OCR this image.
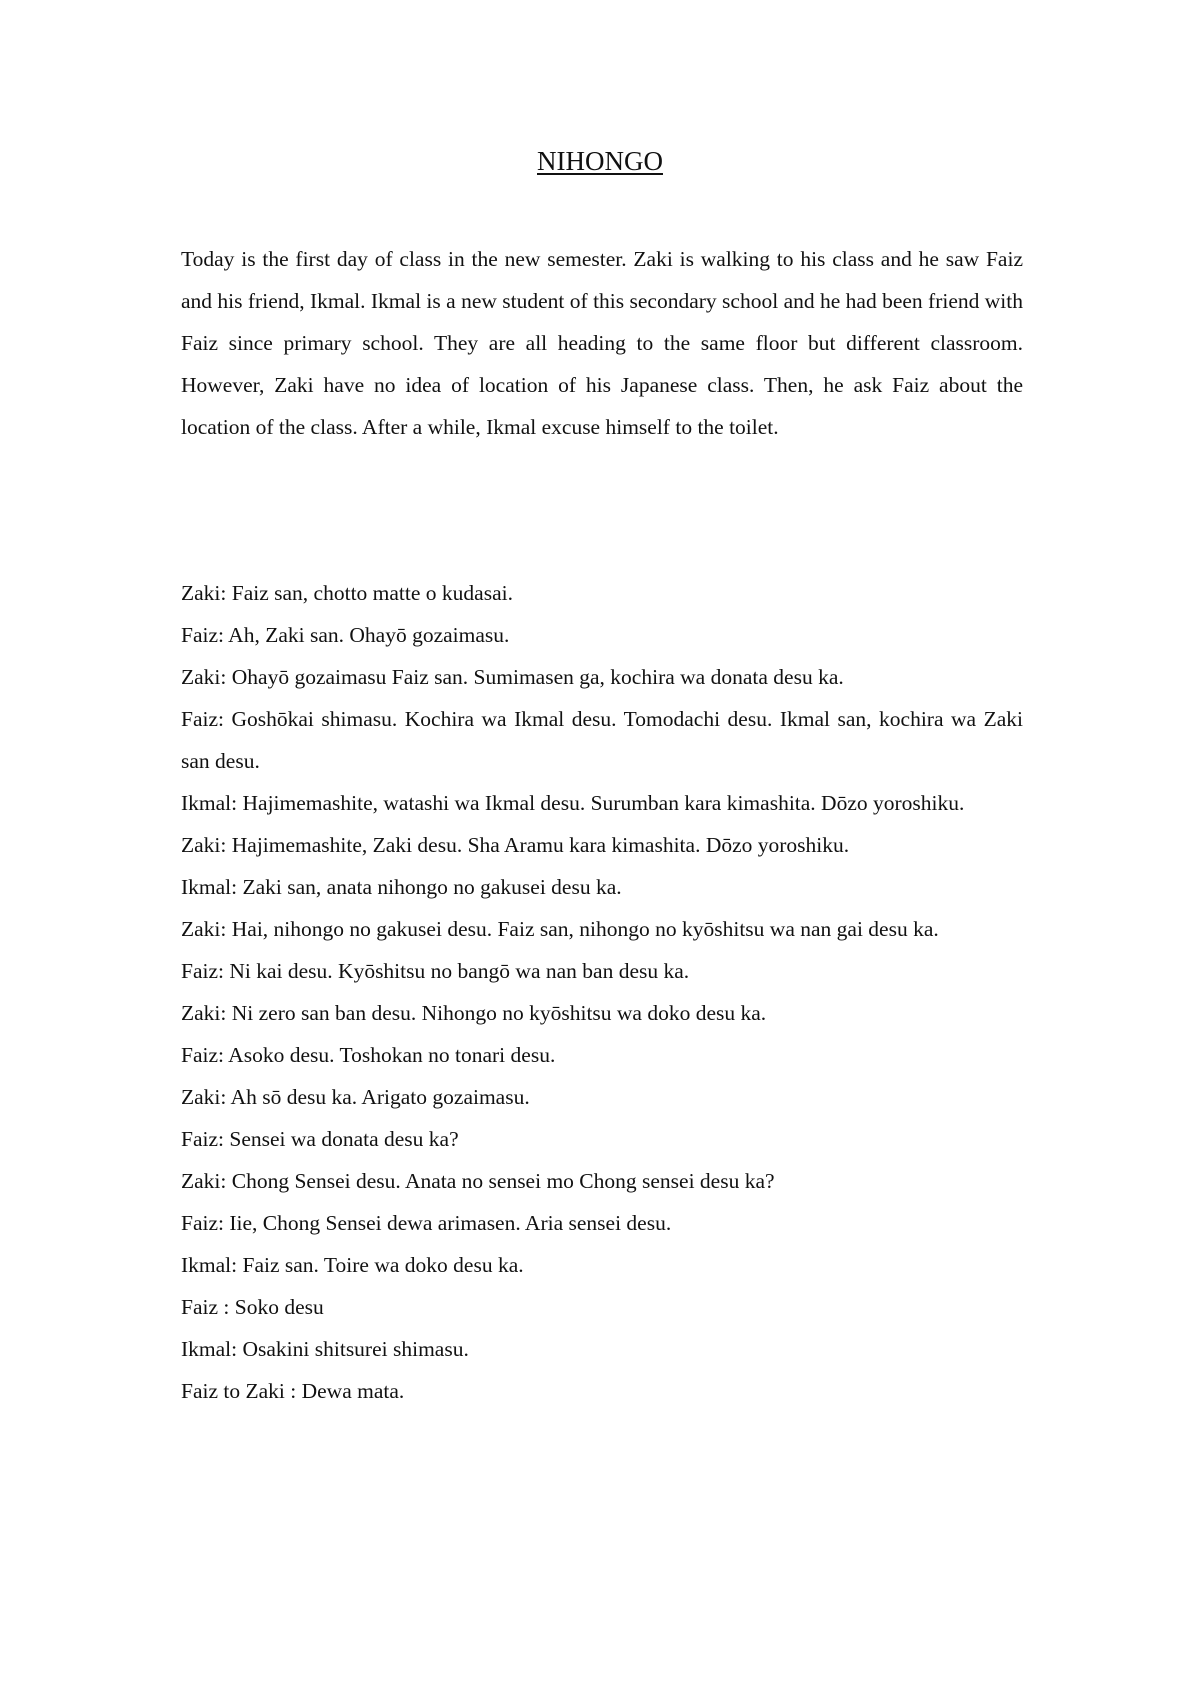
NIHONGO

Today is the first day of class in the new semester. Zaki is walking to his class and he saw Faiz and his friend, Ikmal. Ikmal is a new student of this secondary school and he had been friend with Faiz since primary school. They are all heading to the same floor but different classroom. However, Zaki have no idea of location of his Japanese class. Then, he ask Faiz about the location of the class. After a while, Ikmal excuse himself to the toilet.

Zaki: Faiz san, chotto matte o kudasai.
Faiz: Ah, Zaki san. Ohayō gozaimasu.
Zaki: Ohayō gozaimasu Faiz san. Sumimasen ga, kochira wa donata desu ka.
Faiz: Goshōkai shimasu. Kochira wa Ikmal desu. Tomodachi desu. Ikmal san, kochira wa Zaki san desu.
Ikmal: Hajimemashite, watashi wa Ikmal desu. Surumban kara kimashita. Dōzo yoroshiku.
Zaki: Hajimemashite, Zaki desu. Sha Aramu kara kimashita. Dōzo yoroshiku.
Ikmal: Zaki san, anata nihongo no gakusei desu ka.
Zaki: Hai, nihongo no gakusei desu. Faiz san, nihongo no kyōshitsu wa nan gai desu ka.
Faiz: Ni kai desu. Kyōshitsu no bangō wa nan ban desu ka.
Zaki: Ni zero san ban desu. Nihongo no kyōshitsu wa doko desu ka.
Faiz: Asoko desu. Toshokan no tonari desu.
Zaki: Ah sō desu ka. Arigato gozaimasu.
Faiz: Sensei wa donata desu ka?
Zaki: Chong Sensei desu. Anata no sensei mo Chong sensei desu ka?
Faiz: Iie, Chong Sensei dewa arimasen. Aria sensei desu.
Ikmal: Faiz san. Toire wa doko desu ka.
Faiz : Soko desu
Ikmal: Osakini shitsurei shimasu.
Faiz to Zaki : Dewa mata.
